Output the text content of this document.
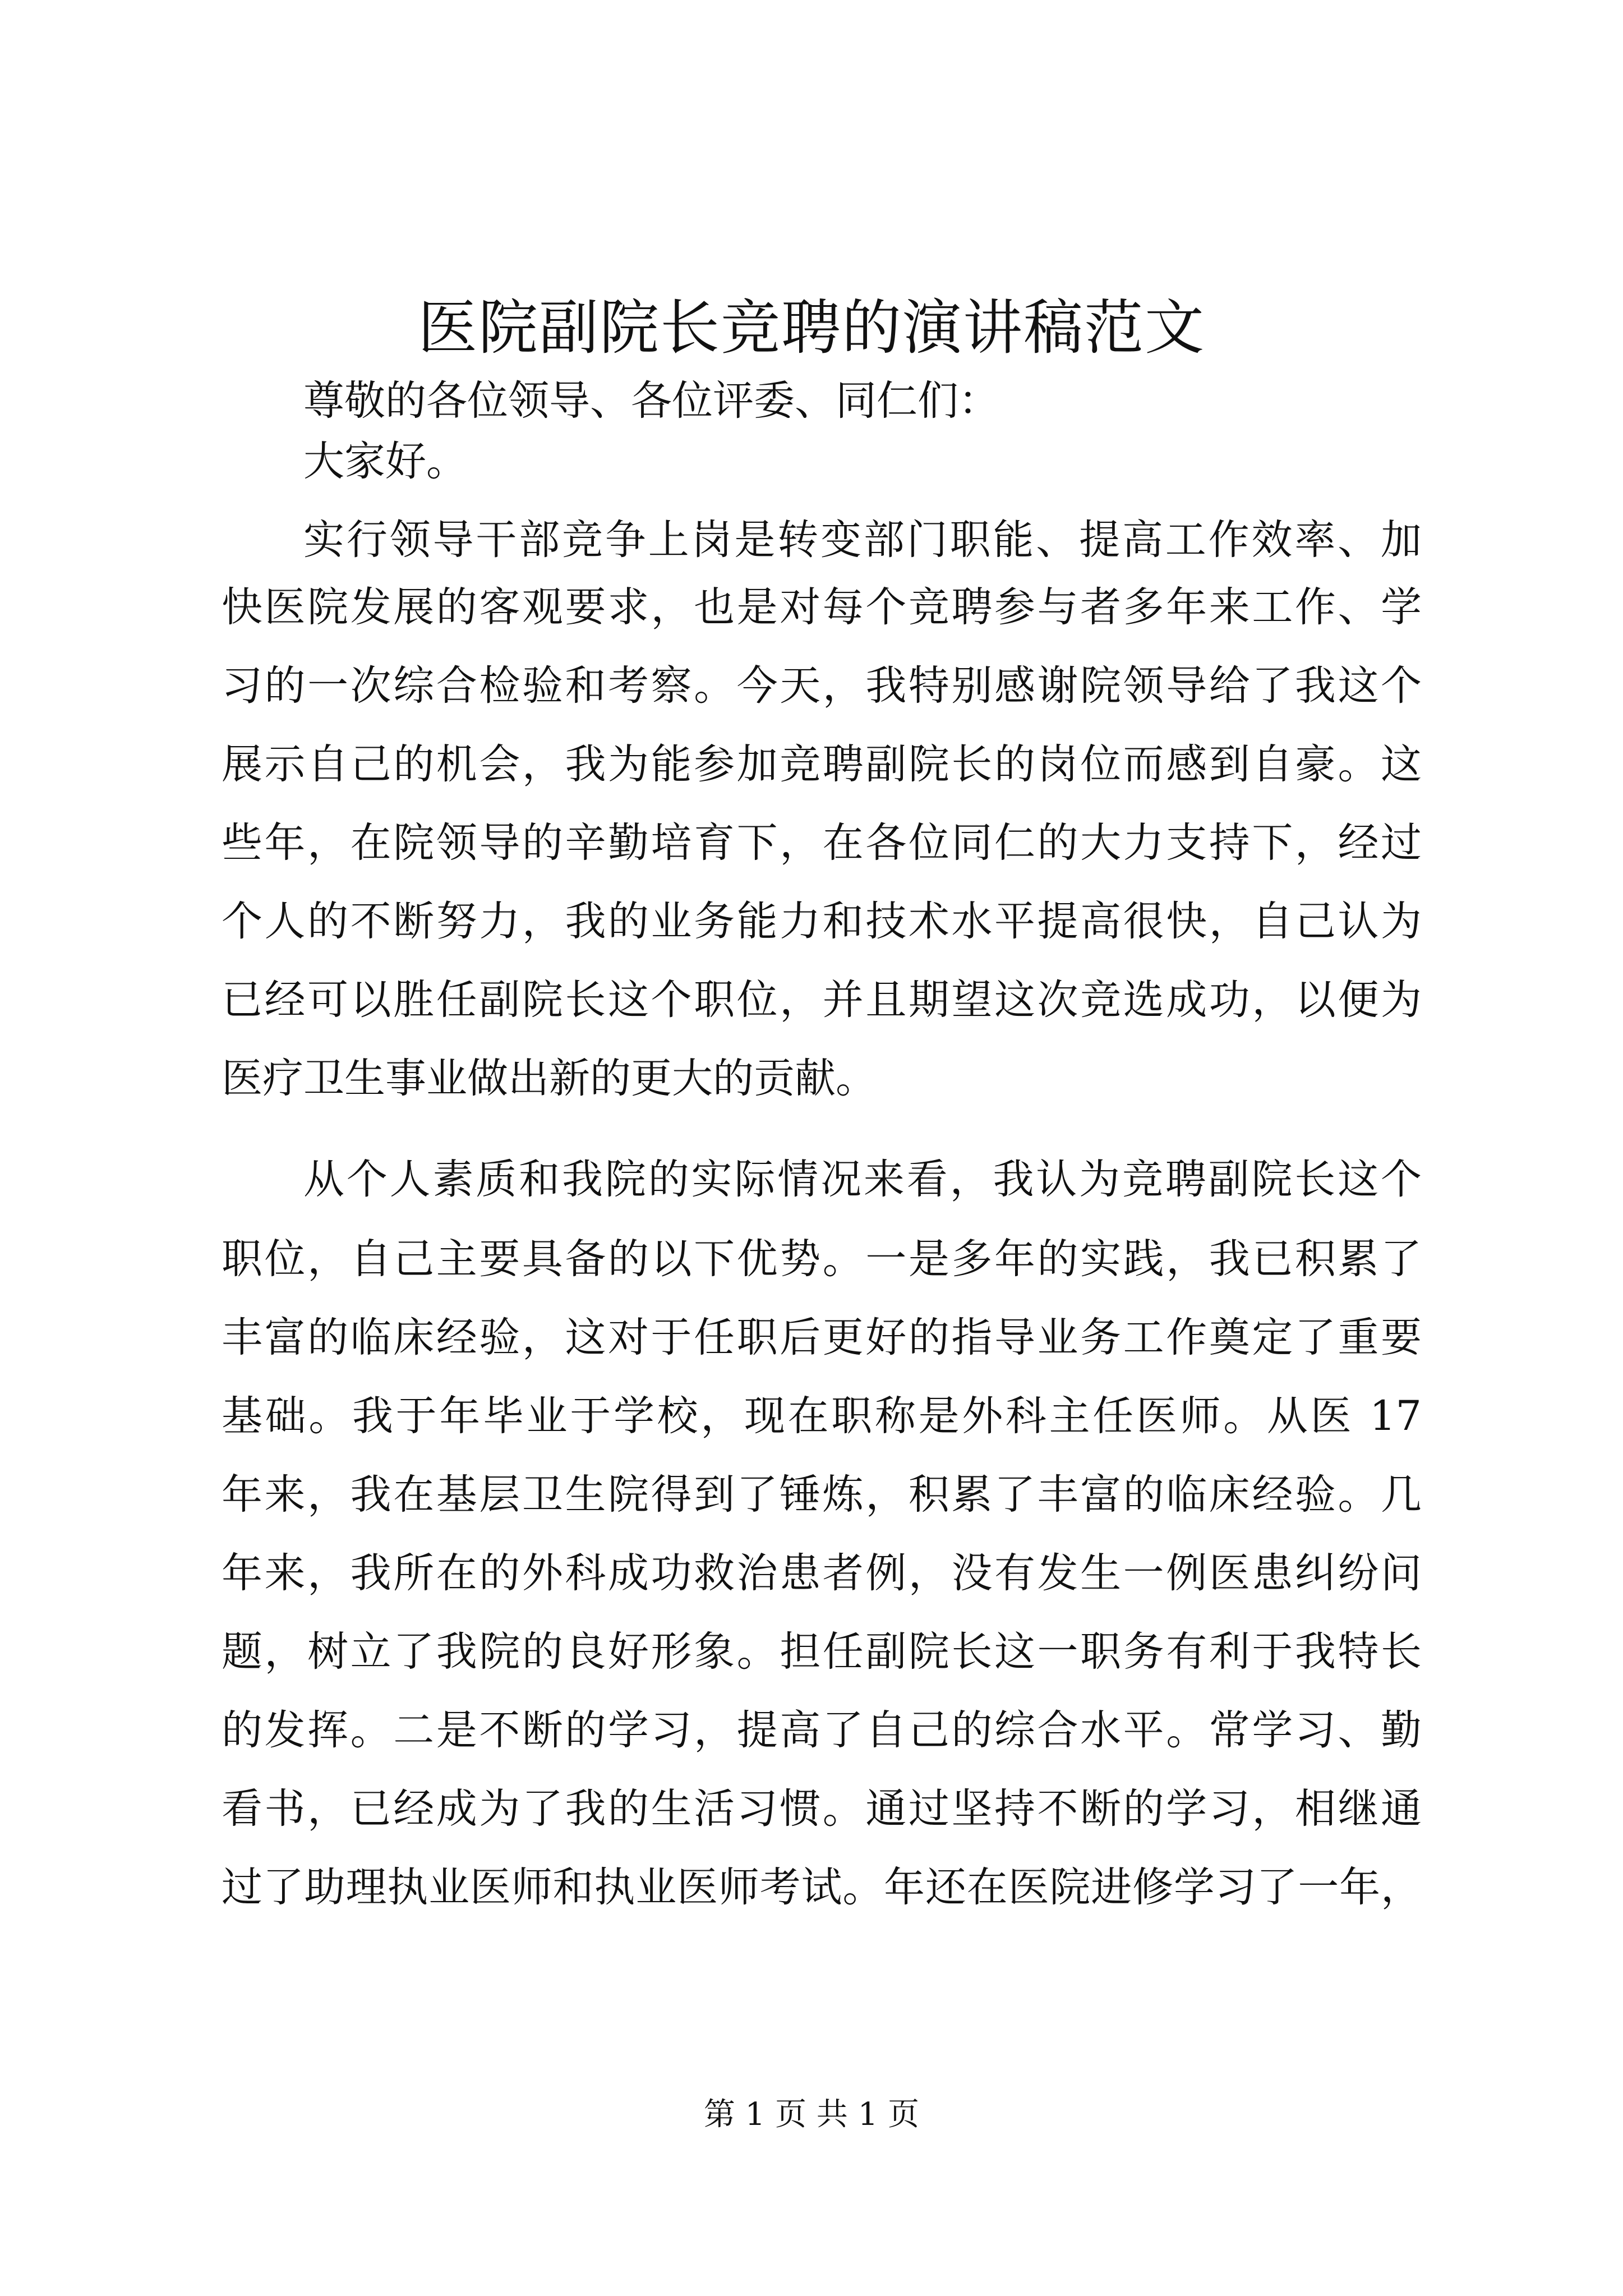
医院副院长竞聘的演讲稿范文
尊敬的各位领导、各位评委、同仁们：
大家好。
实行领导干部竞争上岗是转变部门职能、提高工作效率、加
快医院发展的客观要求，也是对每个竞聘参与者多年来工作、学
习的一次综合检验和考察。今天，我特别感谢院领导给了我这个
展示自己的机会，我为能参加竞聘副院长的岗位而感到自豪。这
些年，在院领导的辛勤培育下，在各位同仁的大力支持下，经过
个人的不断努力，我的业务能力和技术水平提高很快，自己认为
已经可以胜任副院长这个职位，并且期望这次竞选成功，以便为
医疗卫生事业做出新的更大的贡献。
从个人素质和我院的实际情况来看，我认为竞聘副院长这个
职位，自己主要具备的以下优势。一是多年的实践，我已积累了
丰富的临床经验，这对于任职后更好的指导业务工作奠定了重要
基础。我于年毕业于学校，现在职称是外科主任医师。从医 17
年来，我在基层卫生院得到了锤炼，积累了丰富的临床经验。几
年来，我所在的外科成功救治患者例，没有发生一例医患纠纷问
题，树立了我院的良好形象。担任副院长这一职务有利于我特长
的发挥。二是不断的学习，提高了自己的综合水平。常学习、勤
看书，已经成为了我的生活习惯。通过坚持不断的学习，相继通
过了助理执业医师和执业医师考试。年还在医院进修学习了一年，
第 1 页 共 1 页
